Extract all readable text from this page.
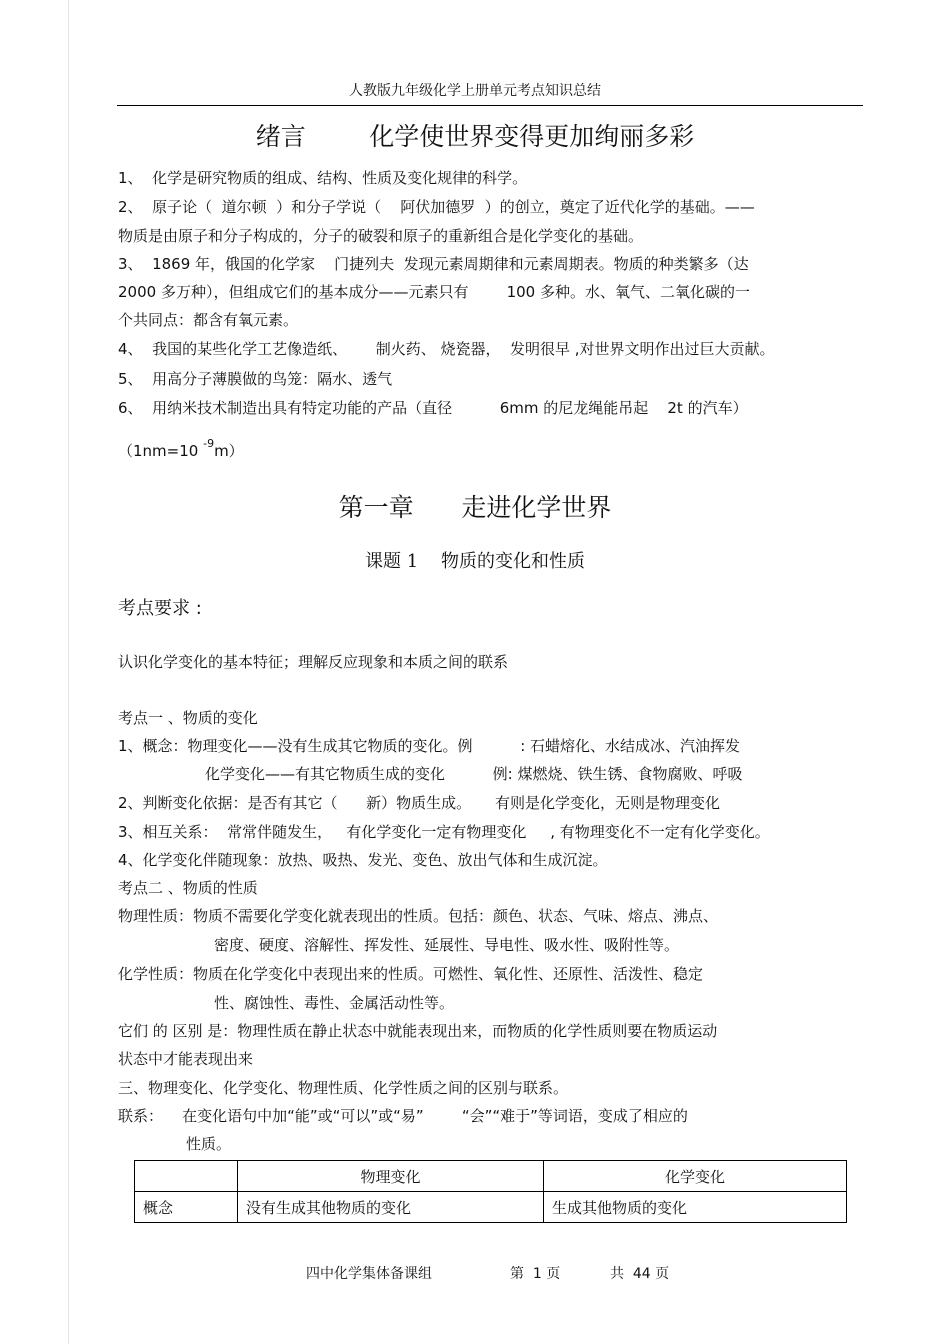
人教版九年级化学上册单元考点知识总结
绪言        化学使世界变得更加绚丽多彩
1、  化学是研究物质的组成、结构、性质及变化规律的科学。
2、  原子论（  道尔顿  ）和分子学说（    阿伏加德罗  ）的创立，奠定了近代化学的基础。——
物质是由原子和分子构成的，分子的破裂和原子的重新组合是化学变化的基础。
3、  1869 年，俄国的化学家    门捷列夫  发现元素周期律和元素周期表。物质的种类繁多（达
2000 多万种），但组成它们的基本成分——元素只有        100 多种。水、氧气、二氧化碳的一
个共同点：都含有氧元素。
4、  我国的某些化学工艺像造纸、      制火药、 烧瓷器，  发明很早 ,对世界文明作出过巨大贡献。
5、  用高分子薄膜做的鸟笼：隔水、透气
6、  用纳米技术制造出具有特定功能的产品（直径          6mm 的尼龙绳能吊起    2t 的汽车）
（1nm=10 $^{-9}$m）
第一章      走进化学世界
课题 1    物质的变化和性质
考点要求 :
认识化学变化的基本特征；理解反应现象和本质之间的联系
考点一 、物质的变化
1、概念：物理变化——没有生成其它物质的变化。例          : 石蜡熔化、水结成冰、汽油挥发
化学变化——有其它物质生成的变化          例: 煤燃烧、铁生锈、食物腐败、呼吸
2、判断变化依据：是否有其它（      新）物质生成。     有则是化学变化，无则是物理变化
3、相互关系：  常常伴随发生，   有化学变化一定有物理变化     , 有物理变化不一定有化学变化。
4、化学变化伴随现象：放热、吸热、发光、变色、放出气体和生成沉淀。
考点二 、物质的性质
物理性质：物质不需要化学变化就表现出的性质。包括：颜色、状态、气味、熔点、沸点、
密度、硬度、溶解性、挥发性、延展性、导电性、吸水性、吸附性等。
化学性质：物质在化学变化中表现出来的性质。可燃性、氧化性、还原性、活泼性、稳定
性、腐蚀性、毒性、金属活动性等。
它们 的 区别 是：物理性质在静止状态中就能表现出来，而物质的化学性质则要在物质运动
状态中才能表现出来
三、物理变化、化学变化、物理性质、化学性质之间的区别与联系。
联系：    在变化语句中加“能”或“可以”或“易”        “会”“难于”等词语，变成了相应的
性质。
	物理变化	化学变化
概念	没有生成其他物质的变化	生成其他物质的变化
四中化学集体备课组	第  1 页	共  44 页
